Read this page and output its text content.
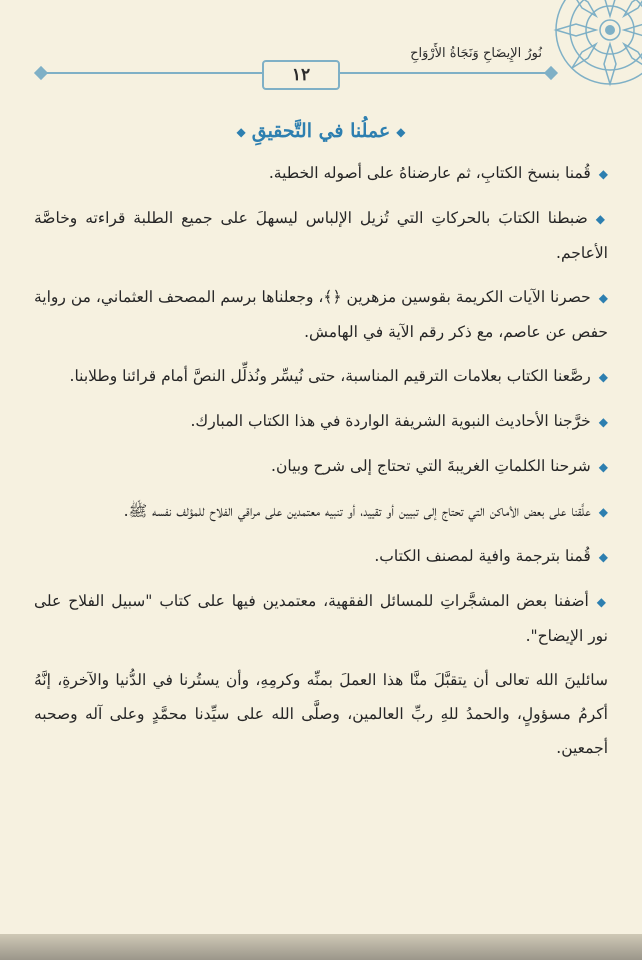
نُورُ الإِيضَاحِ وَنَجَاةُ الأَرْوَاحِ
١٢
◆عملُنا في التَّحقيقِ◆
◆قُمنا بنسخ الكتابِ، ثم عارضناهُ على أصوله الخطية.
◆ضبطنا الكتابَ بالحركاتِ التي تُزيل الإلباس ليسهلَ على جميع الطلبة قراءته وخاصَّة الأعاجم.
◆حصرنا الآيات الكريمة بقوسين مزهرين ﴿﴾، وجعلناها برسم المصحف العثماني، من رواية حفص عن عاصم، مع ذكر رقم الآية في الهامش.
◆رصَّعنا الكتاب بعلامات الترقيم المناسبة، حتى نُيسِّر ونُذلِّل النصَّ أمام قرائنا وطلابنا.
◆خرَّجنا الأحاديث النبوية الشريفة الواردة في هذا الكتاب المبارك.
◆شرحنا الكلماتِ الغريبةَ التي تحتاج إلى شرح وبيان.
◆علَّقنا على بعض الأماكن التي تحتاج إلى تبيين أو تقييد، أو تنبيه معتمدين على مراقي الفلاح للمؤلف نفسه ﷺ.
◆قُمنا بترجمة وافية لمصنف الكتاب.
◆أضفنا بعض المشجَّراتِ للمسائل الفقهية، معتمدين فيها على كتاب "سبيل الفلاح على نور الإيضاح".
سائلينَ الله تعالى أن يتقبَّلَ منَّا هذا العملَ بمنِّه وكرمِهِ، وأن يستُرنا في الدُّنيا والآخرةِ، إنَّهُ أكرمُ مسؤولٍ، والحمدُ للهِ ربِّ العالمين، وصلَّى الله على سيِّدنا محمَّدٍ وعلى آله وصحبه أجمعين.
